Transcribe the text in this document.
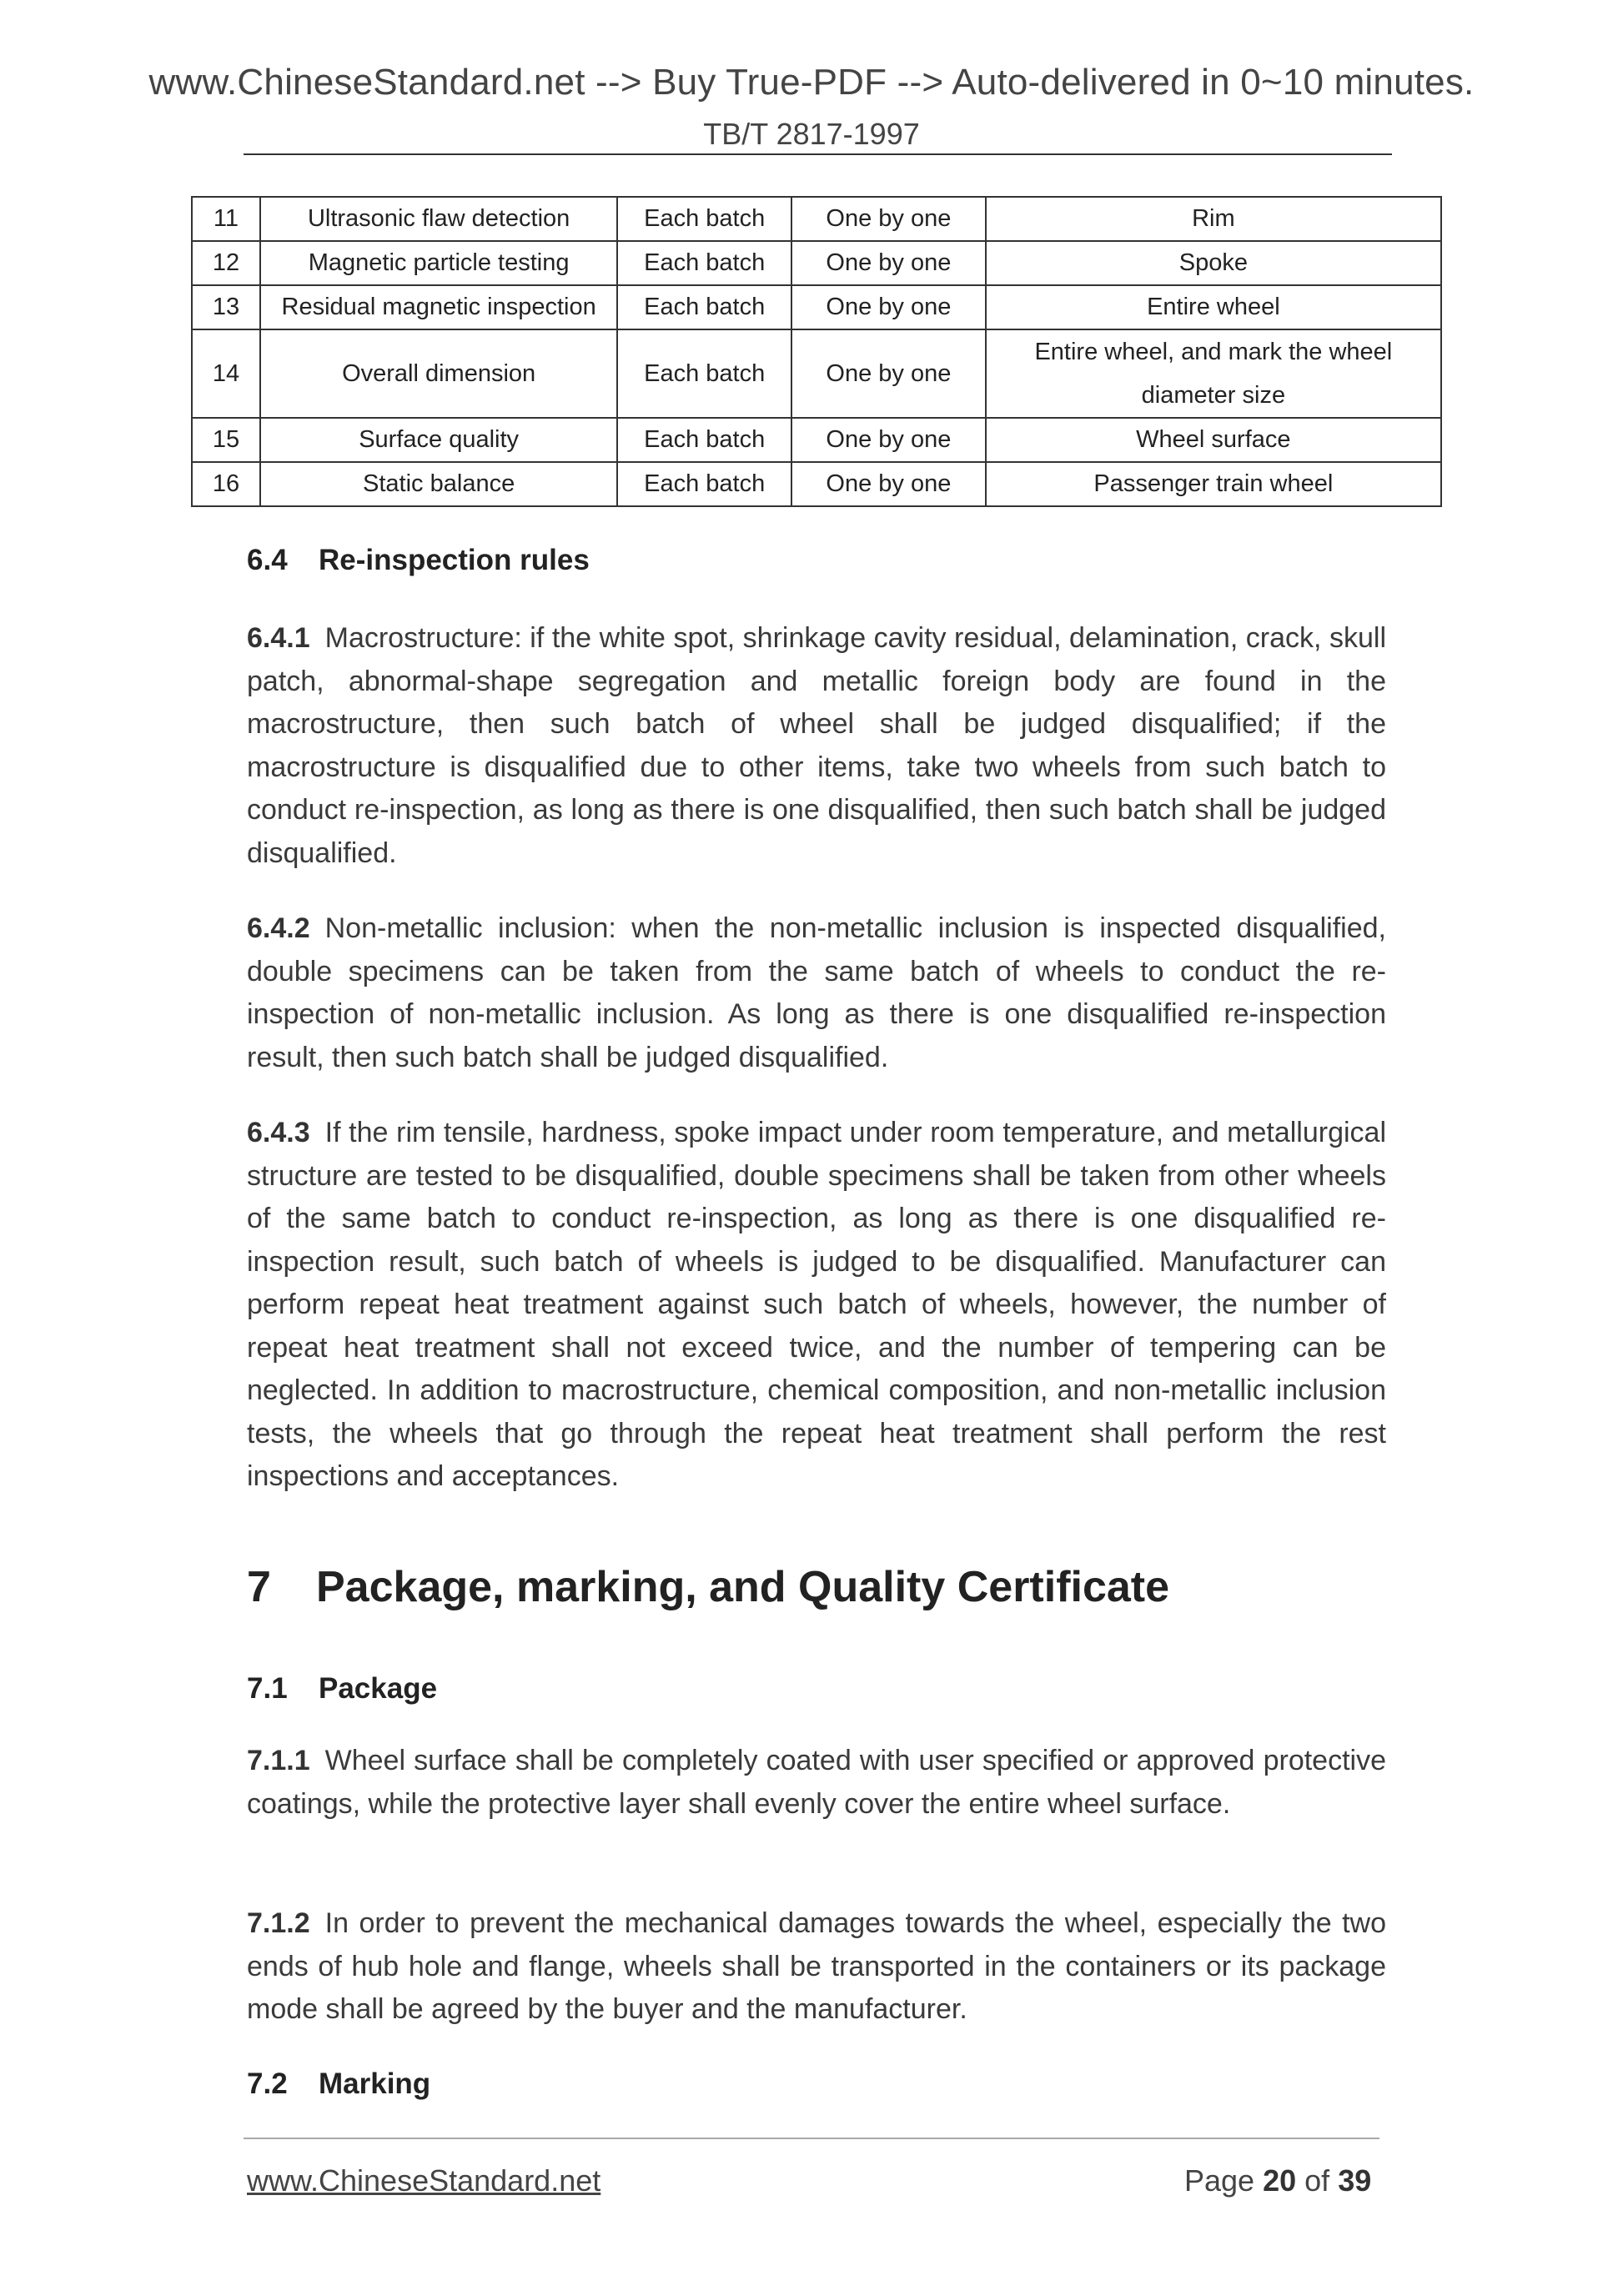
www.ChineseStandard.net --> Buy True-PDF --> Auto-delivered in 0~10 minutes.
TB/T 2817-1997
11	Ultrasonic flaw detection	Each batch	One by one	Rim
12	Magnetic particle testing	Each batch	One by one	Spoke
13	Residual magnetic inspection	Each batch	One by one	Entire wheel
14	Overall dimension	Each batch	One by one	Entire wheel, and mark the wheel diameter size
15	Surface quality	Each batch	One by one	Wheel surface
16	Static balance	Each batch	One by one	Passenger train wheel
6.4 Re-inspection rules
6.4.1 Macrostructure: if the white spot, shrinkage cavity residual, delamination, crack, skull patch, abnormal-shape segregation and metallic foreign body are found in the macrostructure, then such batch of wheel shall be judged disqualified; if the macrostructure is disqualified due to other items, take two wheels from such batch to conduct re-inspection, as long as there is one disqualified, then such batch shall be judged disqualified.
6.4.2 Non-metallic inclusion: when the non-metallic inclusion is inspected disqualified, double specimens can be taken from the same batch of wheels to conduct the re-inspection of non-metallic inclusion. As long as there is one disqualified re-inspection result, then such batch shall be judged disqualified.
6.4.3 If the rim tensile, hardness, spoke impact under room temperature, and metallurgical structure are tested to be disqualified, double specimens shall be taken from other wheels of the same batch to conduct re-inspection, as long as there is one disqualified re-inspection result, such batch of wheels is judged to be disqualified. Manufacturer can perform repeat heat treatment against such batch of wheels, however, the number of repeat heat treatment shall not exceed twice, and the number of tempering can be neglected. In addition to macrostructure, chemical composition, and non-metallic inclusion tests, the wheels that go through the repeat heat treatment shall perform the rest inspections and acceptances.
7 Package, marking, and Quality Certificate
7.1 Package
7.1.1 Wheel surface shall be completely coated with user specified or approved protective coatings, while the protective layer shall evenly cover the entire wheel surface.
7.1.2 In order to prevent the mechanical damages towards the wheel, especially the two ends of hub hole and flange, wheels shall be transported in the containers or its package mode shall be agreed by the buyer and the manufacturer.
7.2 Marking
www.ChineseStandard.net	Page 20 of 39
